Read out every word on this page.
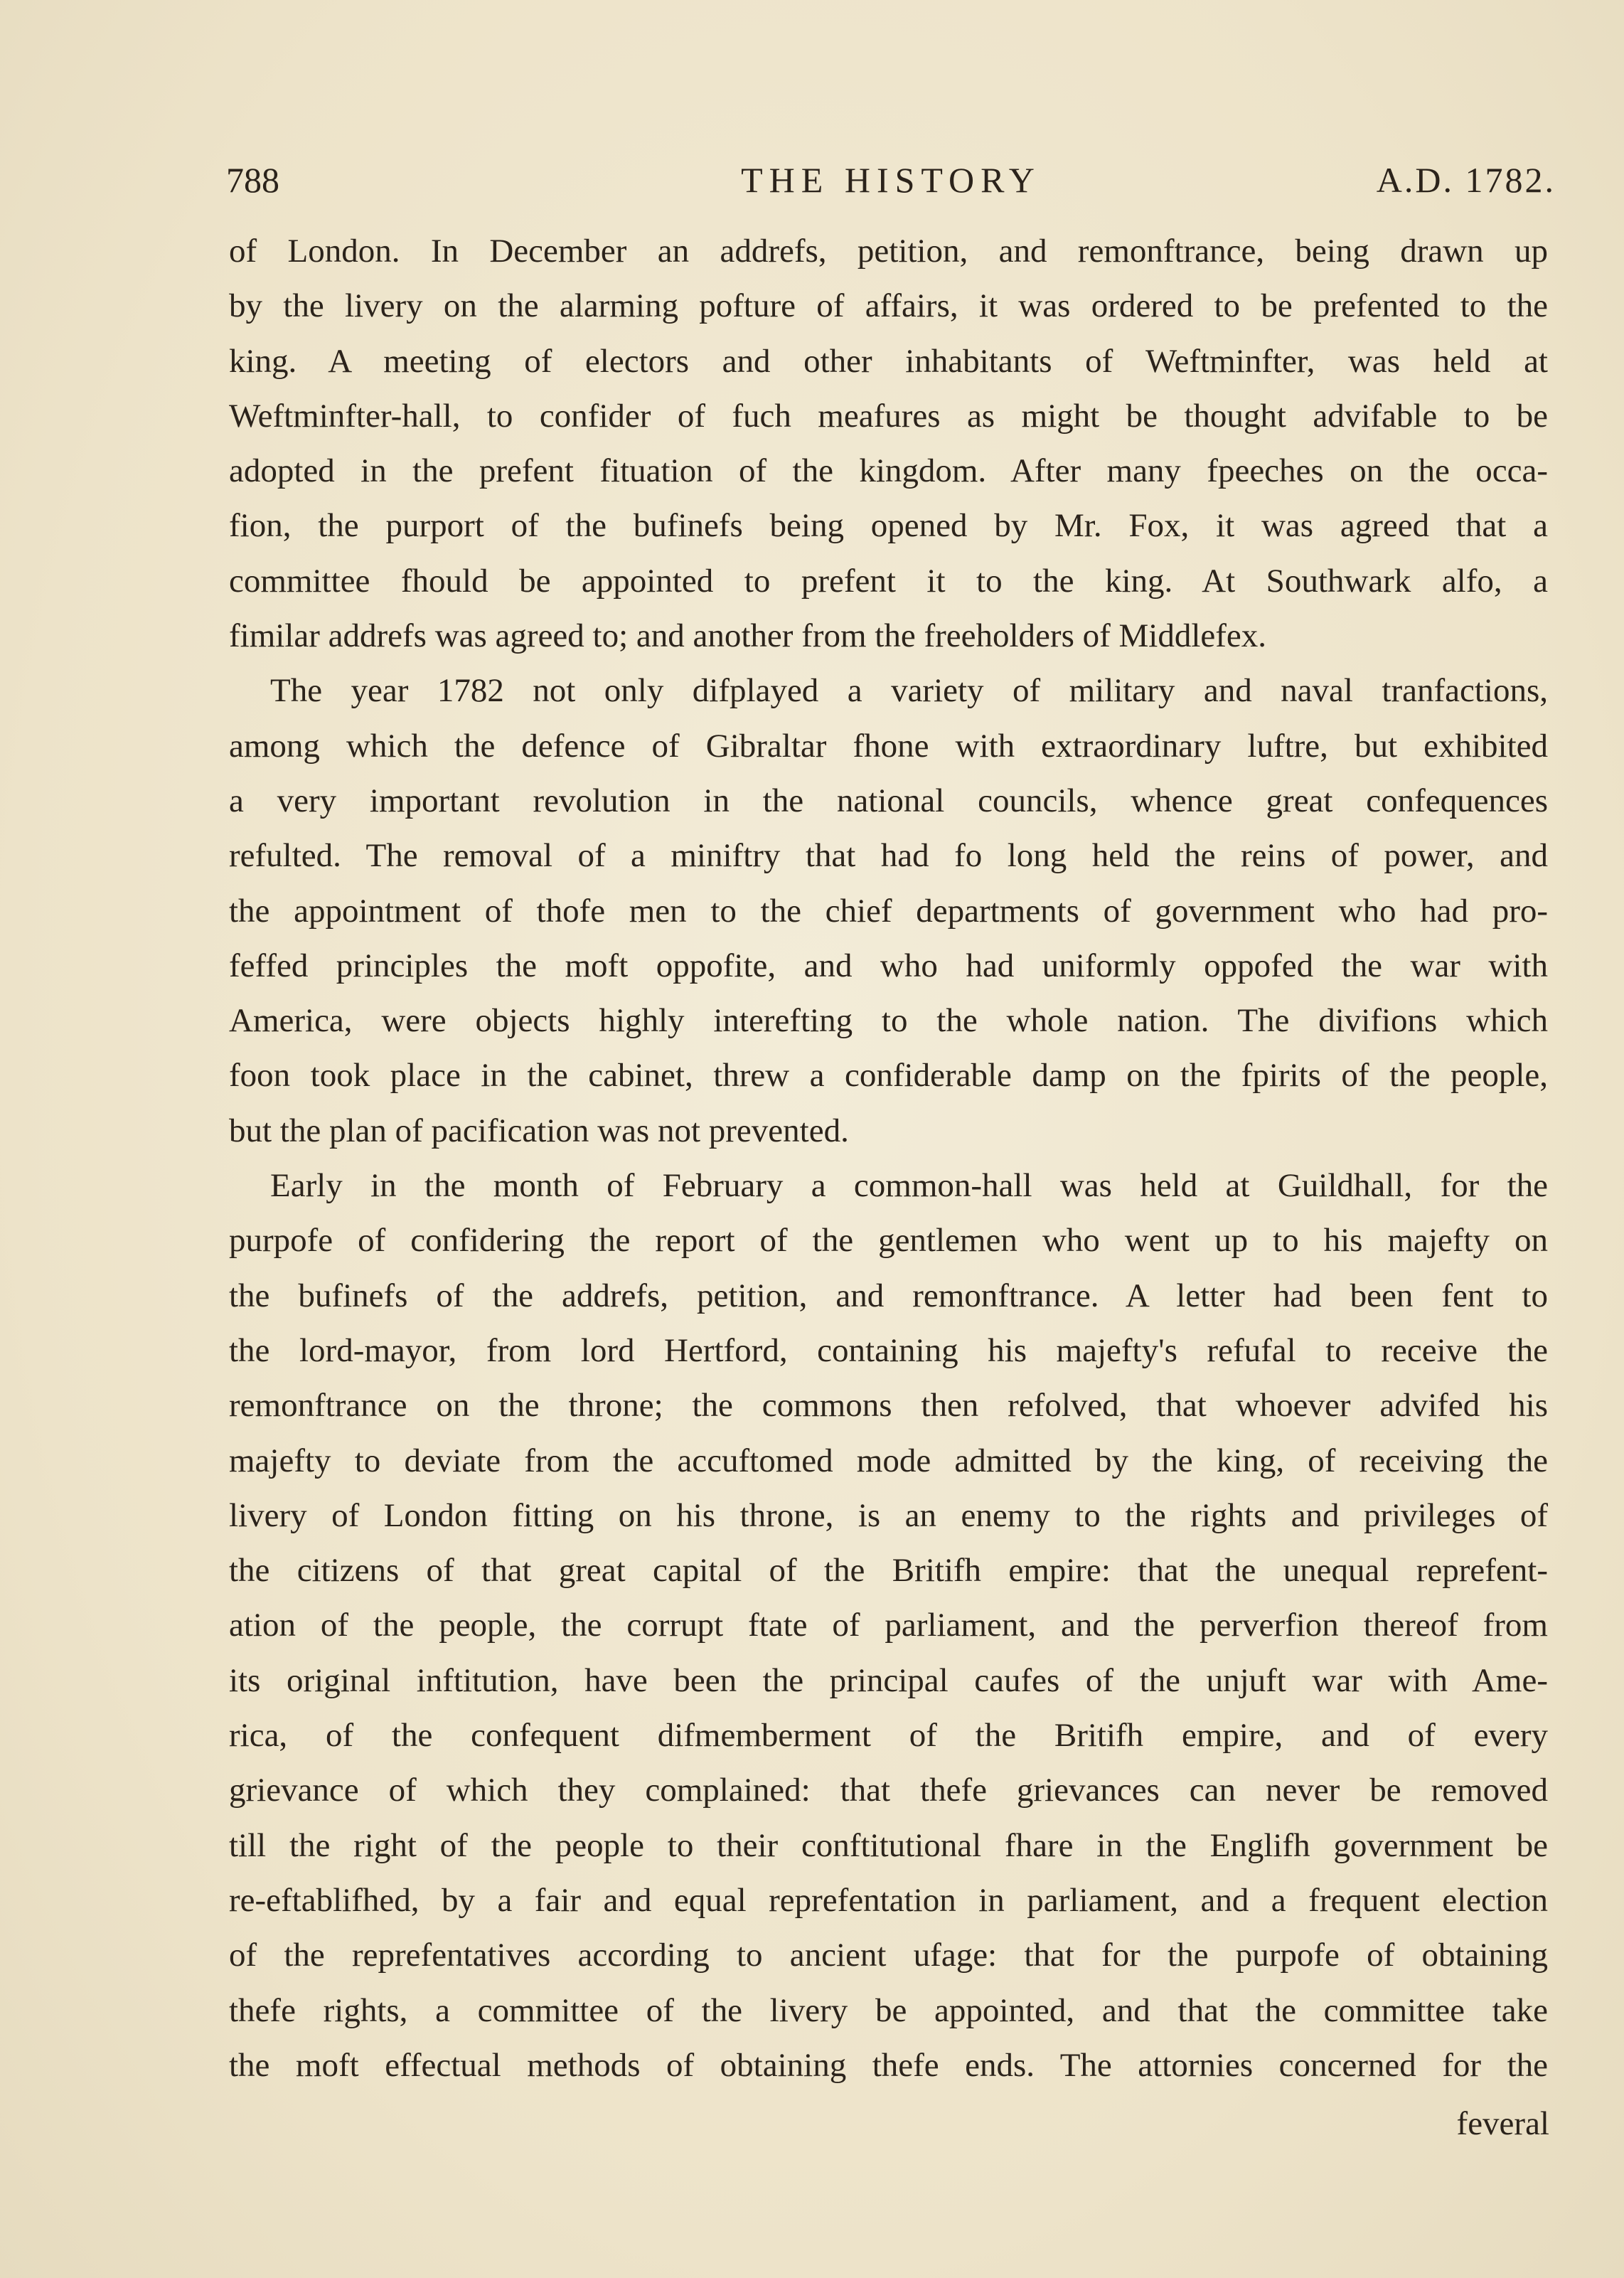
788	THE HISTORY	A.D. 1782.
of London. In December an addrefs, petition, and remonftrance, being drawn up
by the livery on the alarming pofture of affairs, it was ordered to be prefented to the
king. A meeting of electors and other inhabitants of Weftminfter, was held at
Weftminfter-hall, to confider of fuch meafures as might be thought advifable to be
adopted in the prefent fituation of the kingdom. After many fpeeches on the occa-
fion, the purport of the bufinefs being opened by Mr. Fox, it was agreed that a
committee fhould be appointed to prefent it to the king. At Southwark alfo, a
fimilar addrefs was agreed to; and another from the freeholders of Middlefex.
The year 1782 not only difplayed a variety of military and naval tranfactions,
among which the defence of Gibraltar fhone with extraordinary luftre, but exhibited
a very important revolution in the national councils, whence great confequences
refulted. The removal of a miniftry that had fo long held the reins of power, and
the appointment of thofe men to the chief departments of government who had pro-
feffed principles the moft oppofite, and who had uniformly oppofed the war with
America, were objects highly interefting to the whole nation. The divifions which
foon took place in the cabinet, threw a confiderable damp on the fpirits of the people,
but the plan of pacification was not prevented.
Early in the month of February a common-hall was held at Guildhall, for the
purpofe of confidering the report of the gentlemen who went up to his majefty on
the bufinefs of the addrefs, petition, and remonftrance. A letter had been fent to
the lord-mayor, from lord Hertford, containing his majefty's refufal to receive the
remonftrance on the throne; the commons then refolved, that whoever advifed his
majefty to deviate from the accuftomed mode admitted by the king, of receiving the
livery of London fitting on his throne, is an enemy to the rights and privileges of
the citizens of that great capital of the Britifh empire: that the unequal reprefent-
ation of the people, the corrupt ftate of parliament, and the perverfion thereof from
its original inftitution, have been the principal caufes of the unjuft war with Ame-
rica, of the confequent difmemberment of the Britifh empire, and of every
grievance of which they complained: that thefe grievances can never be removed
till the right of the people to their conftitutional fhare in the Englifh government be
re-eftablifhed, by a fair and equal reprefentation in parliament, and a frequent election
of the reprefentatives according to ancient ufage: that for the purpofe of obtaining
thefe rights, a committee of the livery be appointed, and that the committee take
the moft effectual methods of obtaining thefe ends. The attornies concerned for the
feveral
